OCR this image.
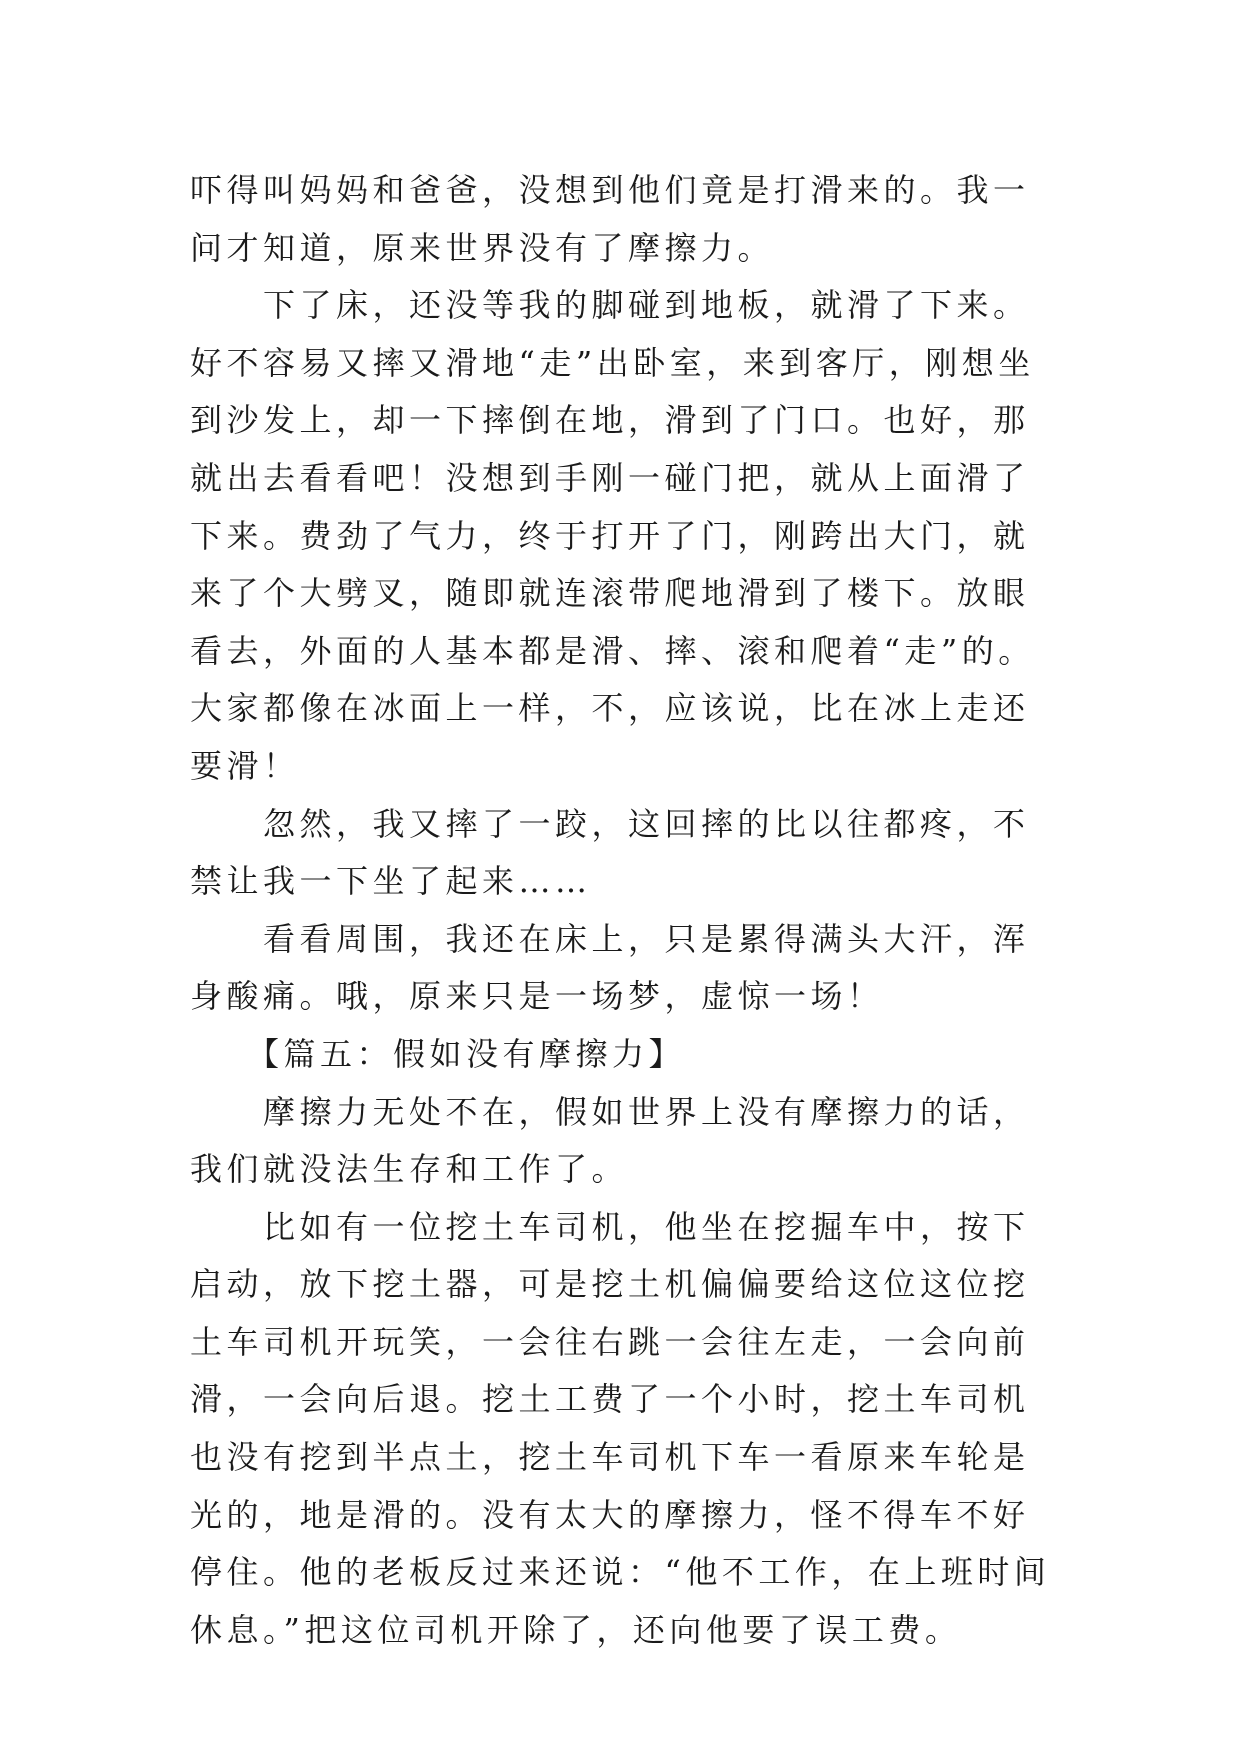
吓得叫妈妈和爸爸，没想到他们竟是打滑来的。我一问才知道，原来世界没有了摩擦力。

　　下了床，还没等我的脚碰到地板，就滑了下来。好不容易又摔又滑地“走”出卧室，来到客厅，刚想坐到沙发上，却一下摔倒在地，滑到了门口。也好，那就出去看看吧！没想到手刚一碰门把，就从上面滑了下来。费劲了气力，终于打开了门，刚跨出大门，就来了个大劈叉，随即就连滚带爬地滑到了楼下。放眼看去，外面的人基本都是滑、摔、滚和爬着“走”的。大家都像在冰面上一样，不，应该说，比在冰上走还要滑！

　　忽然，我又摔了一跤，这回摔的比以往都疼，不禁让我一下坐了起来……

　　看看周围，我还在床上，只是累得满头大汗，浑身酸痛。哦，原来只是一场梦，虚惊一场！

　　【篇五：假如没有摩擦力】

　　摩擦力无处不在，假如世界上没有摩擦力的话，我们就没法生存和工作了。

　　比如有一位挖土车司机，他坐在挖掘车中，按下启动，放下挖土器，可是挖土机偏偏要给这位这位挖土车司机开玩笑，一会往右跳一会往左走，一会向前滑，一会向后退。挖土工费了一个小时，挖土车司机也没有挖到半点土，挖土车司机下车一看原来车轮是光的，地是滑的。没有太大的摩擦力，怪不得车不好停住。他的老板反过来还说：“他不工作，在上班时间休息。”把这位司机开除了，还向他要了误工费。
